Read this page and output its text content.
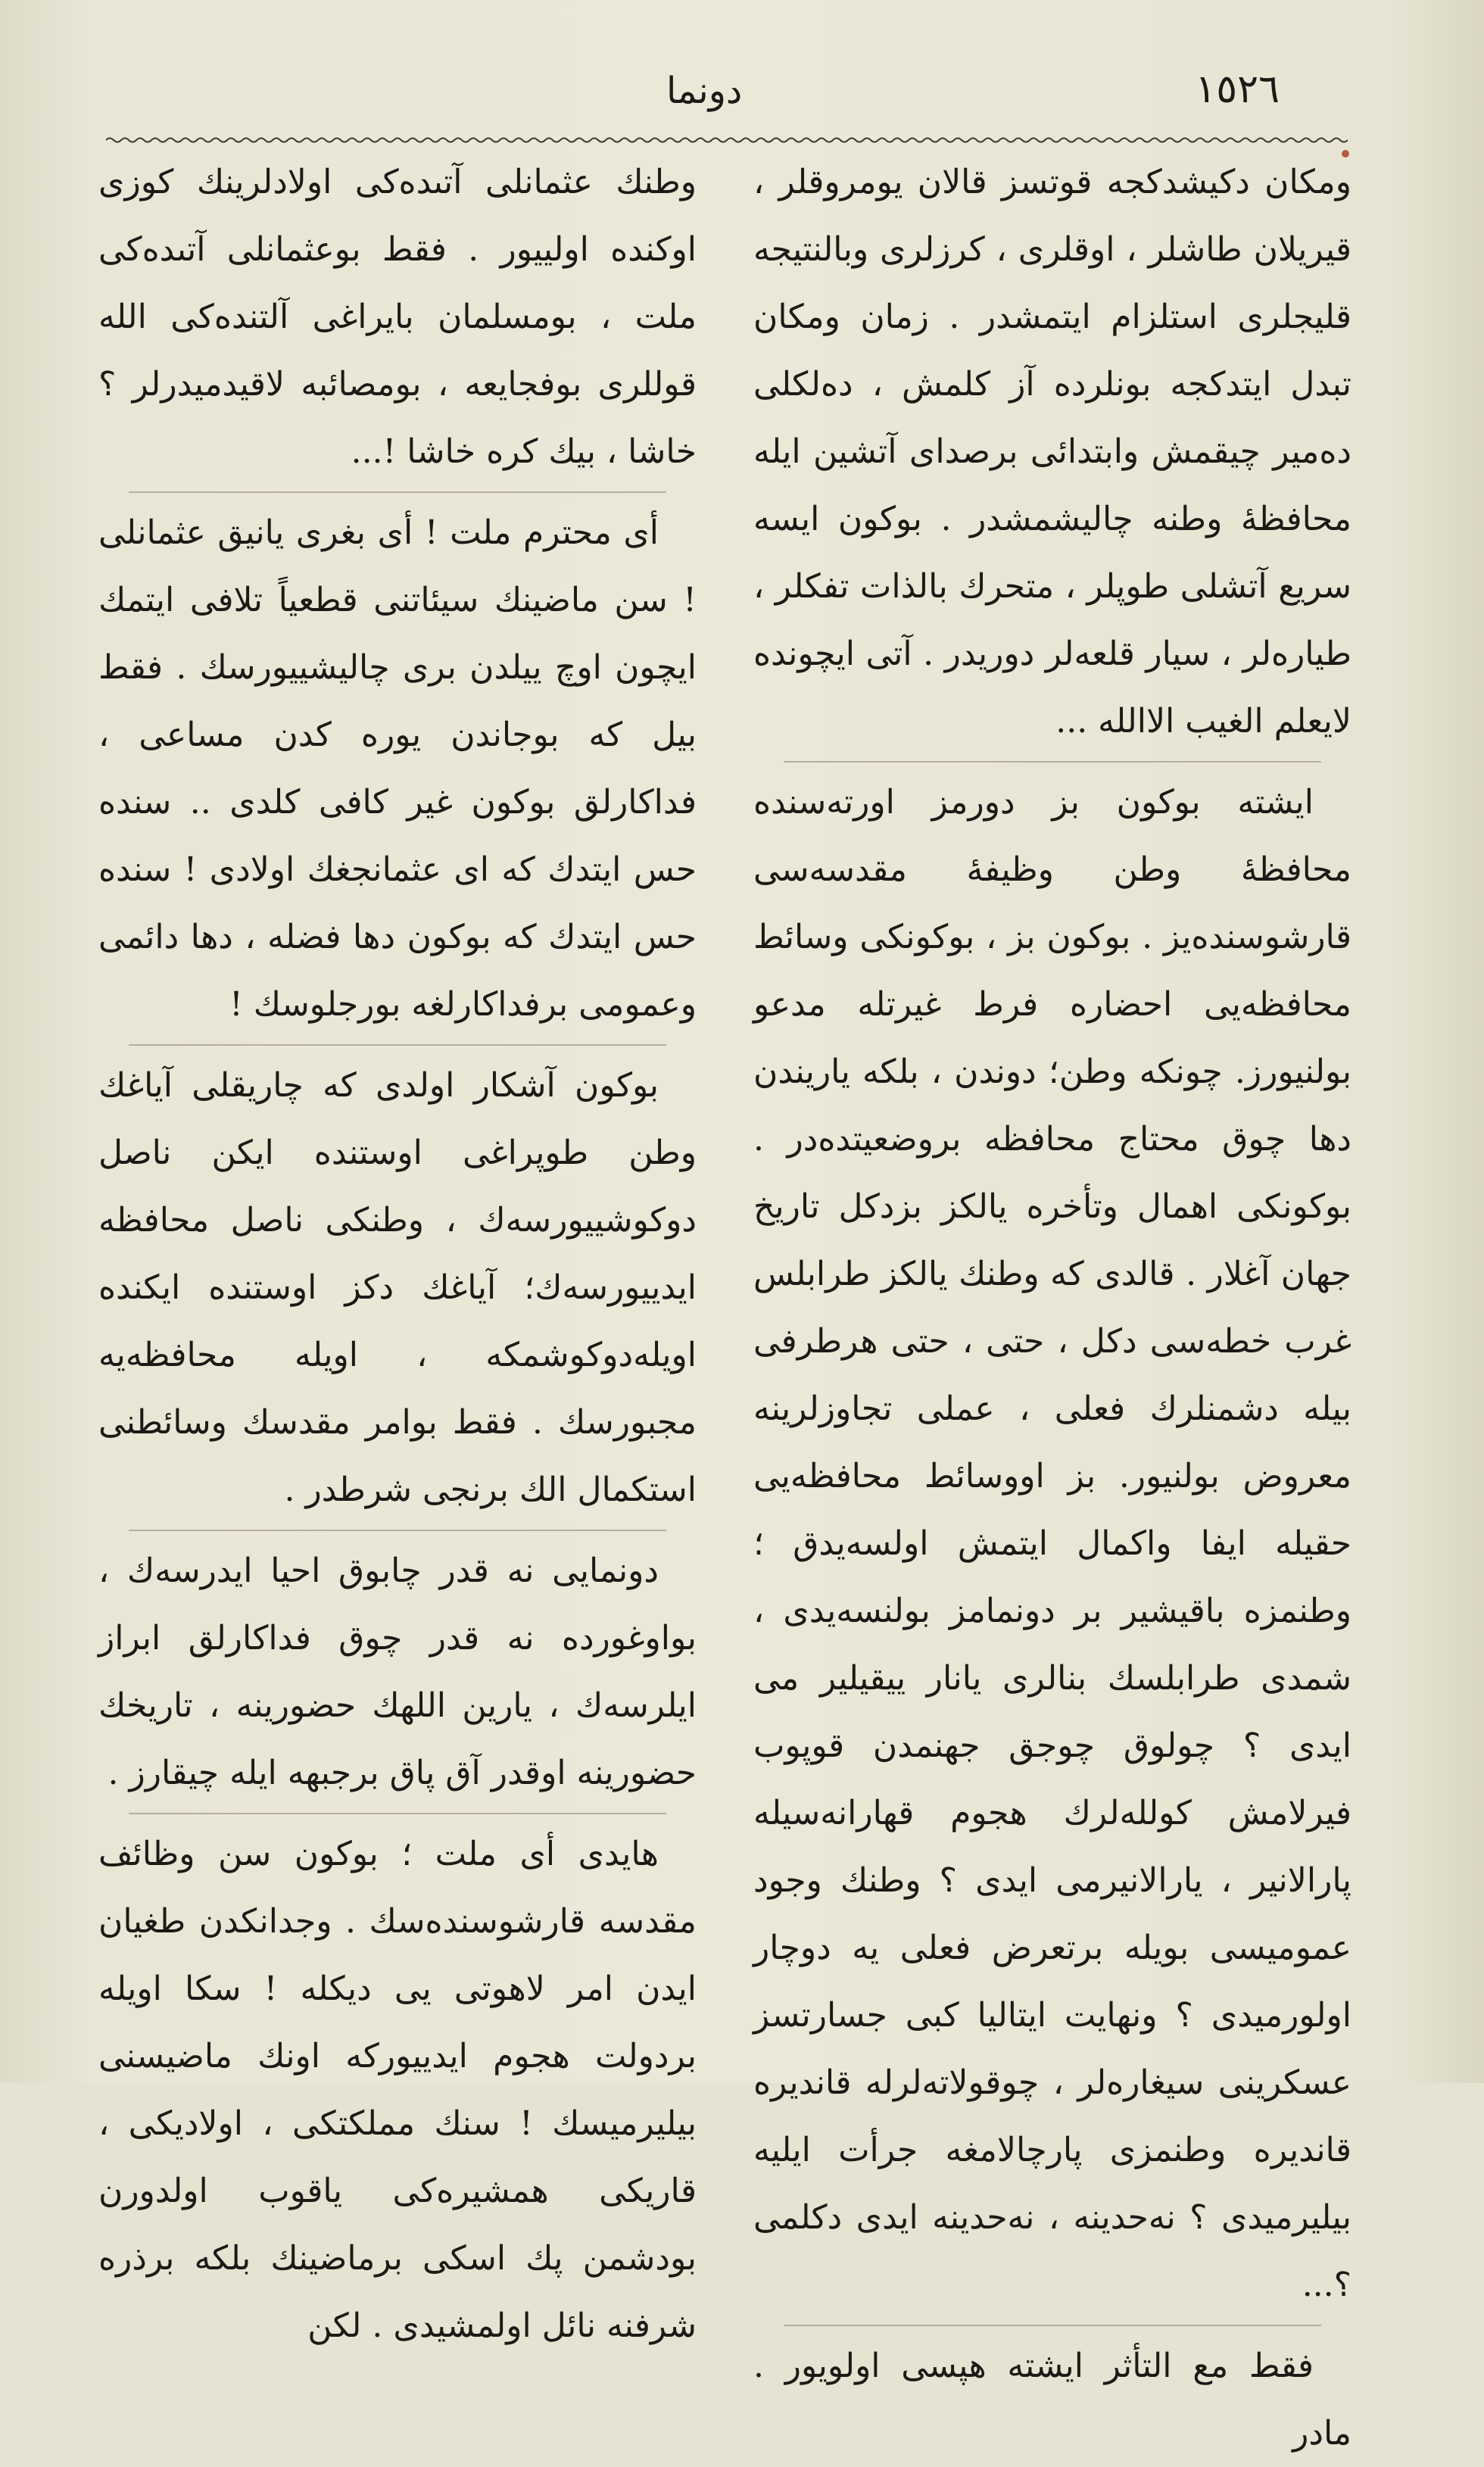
١٥٢٦
دونما

ومكان دكيشدكجه قوتسز قالان يومروقلر ، قيريلان طاشلر ، اوقلرى ، كرزلرى وبالنتيجه قليجلرى استلزام ايتمشدر . زمان ومكان تبدل ايتدكجه بونلرده آز كلمش ، دەلكلى دەمير چيقمش وابتدائى برصداى آتشين ايله محافظهٔ وطنه چاليشمشدر . بوكون ايسه سريع آتشلى طوپلر ، متحرك بالذات تفكلر ، طيارەلر ، سيار قلعەلر دوريدر . آتى ايچونده لايعلم الغيب الاالله ...

ايشته بوكون بز دورمز اورتەسنده محافظهٔ وطن وظيفهٔ مقدسەسى قارشوسندەيز . بوكون بز ، بوكونكى وسائط محافظەيى احضاره فرط غيرتله مدعو بولنيورز. چونكه وطن؛ دوندن ، بلكه ياريندن دها چوق محتاج محافظه بروضعيتدەدر . بوكونكى اهمال وتأخره يالكز بزدكل تاريخ جهان آغلار . قالدى كه وطنك يالكز طرابلس غرب خطەسى دكل ، حتى ، حتى هرطرفى بيله دشمنلرك فعلى ، عملى تجاوزلرينه معروض بولنيور. بز اووسائط محافظەيى حقيله ايفا واكمال ايتمش اولسەيدق ؛ وطنمزه باقيشير بر دونمامز بولنسەيدى ، شمدى طرابلسك بنالرى يانار ييقيلير مى ايدى ؟ چولوق چوجق جهنمدن قوپوب فيرلامش كوللەلرك هجوم قهارانەسيله پارالانير ، يارالانيرمى ايدى ؟ وطنك وجود عموميسى بويله برتعرض فعلى يه دوچار اولورميدى ؟ ونهايت ايتاليا كبى جسارتسز عسكرينى سيغارەلر ، چوقولاتەلرله قانديره قانديره وطنمزى پارچالامغه جرأت ايليه بيليرميدى ؟ نەحدينه ، نەحدينه ايدى دكلمى ؟...

فقط مع التأثر ايشته هپسى اولويور . مادر

وطنك عثمانلى آتىدەكى اولادلرينك كوزى اوكنده اولييور . فقط بوعثمانلى آتىدەكى ملت ، بومسلمان بايراغى آلتندەكى الله قوللرى بوفجايعه ، بومصائبه لاقيدميدرلر ؟ خاشا ، بيك كره خاشا !...

أى محترم ملت ! أى بغرى يانيق عثمانلى ! سن ماضينك سيئاتنى قطعياً تلافى ايتمك ايچون اوچ ييلدن برى چاليشييورسك . فقط بيل كه بوجاندن يوره كدن مساعى ، فداكارلق بوكون غير كافى كلدى .. سنده حس ايتدك كه اى عثمانجغك اولادى ! سنده حس ايتدك كه بوكون دها فضله ، دها دائمى وعمومى برفداكارلغه بورجلوسك !

بوكون آشكار اولدى كه چاريقلى آياغك وطن طوپراغى اوستنده ايكن ناصل دوكوشييورسەك ، وطنكى ناصل محافظه ايدييورسەك؛ آياغك دكز اوستنده ايكنده اويلەدوكوشمكه ، اويله محافظەيه مجبورسك . فقط بوامر مقدسك وسائطنى استكمال الك برنجى شرطدر .

دونمايى نه قدر چابوق احيا ايدرسەك ، بواوغورده نه قدر چوق فداكارلق ابراز ايلرسەك ، يارين اللهك حضورينه ، تاريخك حضورينه اوقدر آق پاق برجبهه ايله چيقارز .

هايدى أى ملت ؛ بوكون سن وظائف مقدسه قارشوسندەسك . وجدانكدن طغيان ايدن امر لاهوتى يى ديكله ! سكا اويله بردولت هجوم ايدييوركه اونك ماضيسنى بيليرميسك ! سنك مملكتكى ، اولاديكى ، قاريكى همشيرەكى ياقوب اولدورن بودشمن پك اسكى برماضينك بلكه برذره شرفنه نائل اولمشيدى . لكن
